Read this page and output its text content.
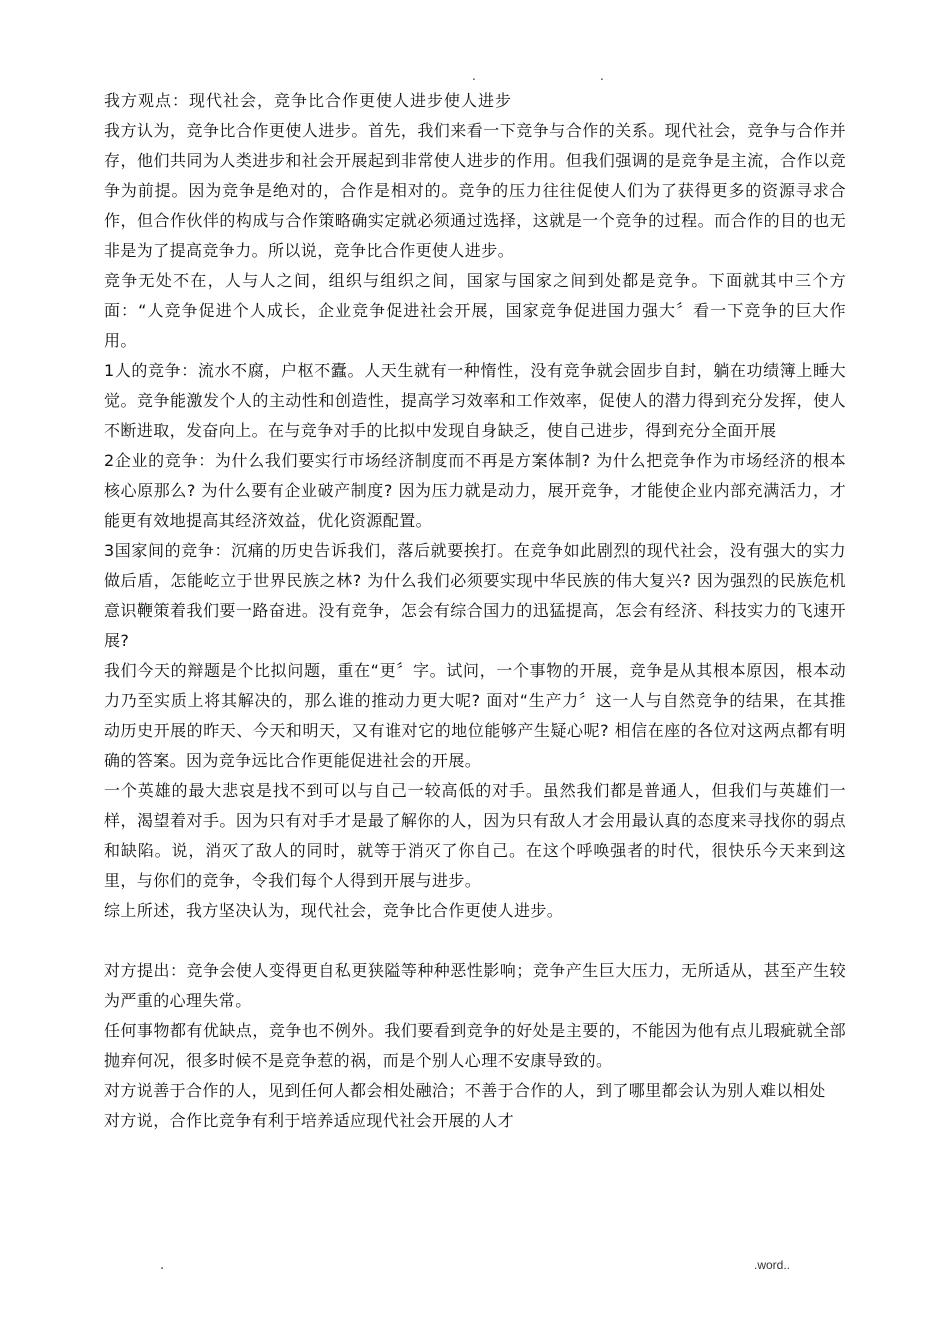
.	.

我方观点：现代社会，竞争比合作更使人进步使人进步

我方认为，竞争比合作更使人进步。首先，我们来看一下竞争与合作的关系。现代社会，竞争与合作并存，他们共同为人类进步和社会开展起到非常使人进步的作用。但我们强调的是竞争是主流，合作以竞争为前提。因为竞争是绝对的，合作是相对的。竞争的压力往往促使人们为了获得更多的资源寻求合作，但合作伙伴的构成与合作策略确实定就必须通过选择，这就是一个竞争的过程。而合作的目的也无非是为了提高竞争力。所以说，竞争比合作更使人进步。

竞争无处不在，人与人之间，组织与组织之间，国家与国家之间到处都是竞争。下面就其中三个方面：“人竞争促进个人成长，企业竞争促进社会开展，国家竞争促进国力强大〞看一下竞争的巨大作用。

1人的竞争：流水不腐，户枢不蠹。人天生就有一种惰性，没有竞争就会固步自封，躺在功绩簿上睡大觉。竞争能激发个人的主动性和创造性，提高学习效率和工作效率，促使人的潜力得到充分发挥，使人不断进取，发奋向上。在与竞争对手的比拟中发现自身缺乏，使自己进步，得到充分全面开展

2企业的竞争：为什么我们要实行市场经济制度而不再是方案体制? 为什么把竞争作为市场经济的根本核心原那么? 为什么要有企业破产制度? 因为压力就是动力，展开竞争，才能使企业内部充满活力，才能更有效地提高其经济效益，优化资源配置。

3国家间的竞争：沉痛的历史告诉我们，落后就要挨打。在竞争如此剧烈的现代社会，没有强大的实力做后盾，怎能屹立于世界民族之林? 为什么我们必须要实现中华民族的伟大复兴? 因为强烈的民族危机意识鞭策着我们要一路奋进。没有竞争，怎会有综合国力的迅猛提高，怎会有经济、科技实力的飞速开展?

我们今天的辩题是个比拟问题，重在“更〞字。试问，一个事物的开展，竞争是从其根本原因，根本动力乃至实质上将其解决的，那么谁的推动力更大呢? 面对“生产力〞这一人与自然竞争的结果，在其推动历史开展的昨天、今天和明天，又有谁对它的地位能够产生疑心呢? 相信在座的各位对这两点都有明确的答案。因为竞争远比合作更能促进社会的开展。

一个英雄的最大悲哀是找不到可以与自己一较高低的对手。虽然我们都是普通人，但我们与英雄们一样，渴望着对手。因为只有对手才是最了解你的人，因为只有敌人才会用最认真的态度来寻找你的弱点和缺陷。说，消灭了敌人的同时，就等于消灭了你自己。在这个呼唤强者的时代，很快乐今天来到这里，与你们的竞争，令我们每个人得到开展与进步。

综上所述，我方坚决认为，现代社会，竞争比合作更使人进步。

对方提出：竞争会使人变得更自私更狭隘等种种恶性影响；竞争产生巨大压力，无所适从，甚至产生较为严重的心理失常。

任何事物都有优缺点，竞争也不例外。我们要看到竞争的好处是主要的，不能因为他有点儿瑕疵就全部抛弃何况，很多时候不是竞争惹的祸，而是个别人心理不安康导致的。

对方说善于合作的人，见到任何人都会相处融洽；不善于合作的人，到了哪里都会认为别人难以相处

对方说，合作比竞争有利于培养适应现代社会开展的人才

.	.word..
